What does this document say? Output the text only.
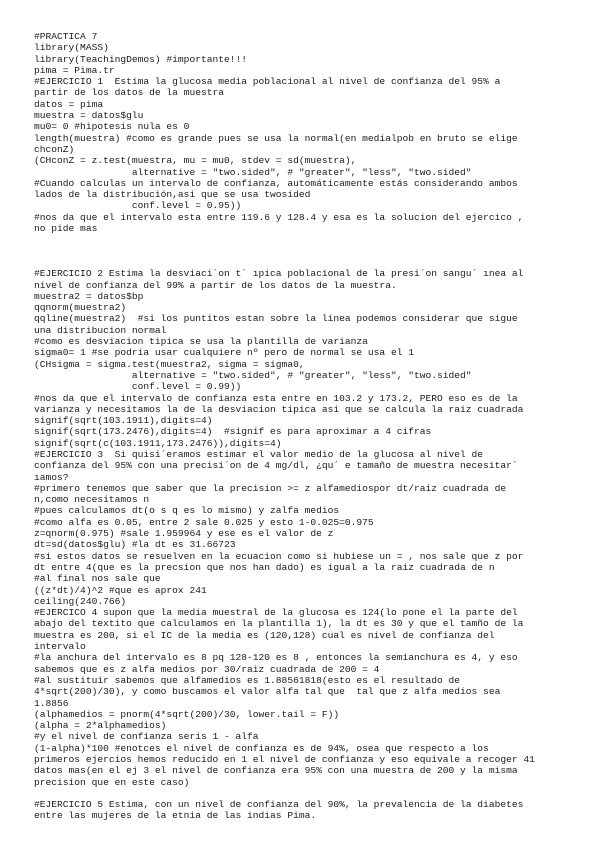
#PRACTICA 7
library(MASS)
library(TeachingDemos) #importante!!!
pima = Pima.tr
#EJERCICIO 1  Estima la glucosa media poblacional al nivel de confianza del 95% a
partir de los datos de la muestra
datos = pima
muestra = datos$glu
mu0= 0 #hipotesis nula es 0
length(muestra) #como es grande pues se usa la normal(en medialpob en bruto se elige
chconZ)
(CHconZ = z.test(muestra, mu = mu0, stdev = sd(muestra),
alternative = "two.sided", # "greater", "less", "two.sided"
#Cuando calculas un intervalo de confianza, automáticamente estás considerando ambos
lados de la distribución,asi que se usa twosided
conf.level = 0.95))
#nos da que el intervalo esta entre 119.6 y 128.4 y esa es la solucion del ejercico ,
no pide mas
#EJERCICIO 2 Estima la desviaci´on t´ ıpica poblacional de la presi´on sangu´ ınea al
nivel de confianza del 99% a partir de los datos de la muestra.
muestra2 = datos$bp
qqnorm(muestra2)
qqline(muestra2)  #si los puntitos estan sobre la linea podemos considerar que sigue
una distribucion normal
#como es desviacion tipica se usa la plantilla de varianza
sigma0= 1 #se podria usar cualquiere nº pero de normal se usa el 1
(CHsigma = sigma.test(muestra2, sigma = sigma0,
alternative = "two.sided", # "greater", "less", "two.sided"
conf.level = 0.99))
#nos da que el intervalo de confianza esta entre en 103.2 y 173.2, PERO eso es de la
varianza y necesitamos la de la desviacion tipica asi que se calcula la raiz cuadrada
signif(sqrt(103.1911),digits=4)
signif(sqrt(173.2476),digits=4)  #signif es para aproximar a 4 cifras
signif(sqrt(c(103.1911,173.2476)),digits=4)
#EJERCICIO 3  Si quisi´eramos estimar el valor medio de la glucosa al nivel de
confianza del 95% con una precisi´on de 4 mg/dl, ¿qu´ e tamaño de muestra necesitar´
ıamos?
#primero tenemos que saber que la precision >= z alfamediospor dt/raiz cuadrada de
n,como necesitamos n
#pues calculamos dt(o s q es lo mismo) y zalfa medios
#como alfa es 0.05, entre 2 sale 0.025 y esto 1-0.025=0.975
z=qnorm(0.975) #sale 1.959964 y ese es el valor de z
dt=sd(datos$glu) #la dt es 31.66723
#si estos datos se resuelven en la ecuacion como si hubiese un = , nos sale que z por
dt entre 4(que es la precsion que nos han dado) es igual a la raiz cuadrada de n
#al final nos sale que
((z*dt)/4)^2 #que es aprox 241
ceiling(240.766)
#EJERCICO 4 supon que la media muestral de la glucosa es 124(lo pone el la parte del
abajo del textito que calculamos en la plantilla 1), la dt es 30 y que el tamño de la
muestra es 200, si el IC de la media es (120,128) cual es nivel de confianza del
intervalo
#la anchura del intervalo es 8 pq 128-120 es 8 , entonces la semianchura es 4, y eso
sabemos que es z alfa medios por 30/raiz cuadrada de 200 = 4
#al sustituir sabemos que alfamedios es 1.88561818(esto es el resultado de
4*sqrt(200)/30), y como buscamos el valor alfa tal que  tal que z alfa medios sea
1.8856
(alphamedios = pnorm(4*sqrt(200)/30, lower.tail = F))
(alpha = 2*alphamedios)
#y el nivel de confianza seris 1 - alfa
(1-alpha)*100 #enotces el nivel de confianza es de 94%, osea que respecto a los
primeros ejercios hemos reducido en 1 el nivel de confianza y eso equivale a recoger 41
datos mas(en el ej 3 el nivel de confianza era 95% con una muestra de 200 y la misma
precision que en este caso)
#EJERCICIO 5 Estima, con un nivel de confianza del 90%, la prevalencia de la diabetes
entre las mujeres de la etnia de las indias Pima.
